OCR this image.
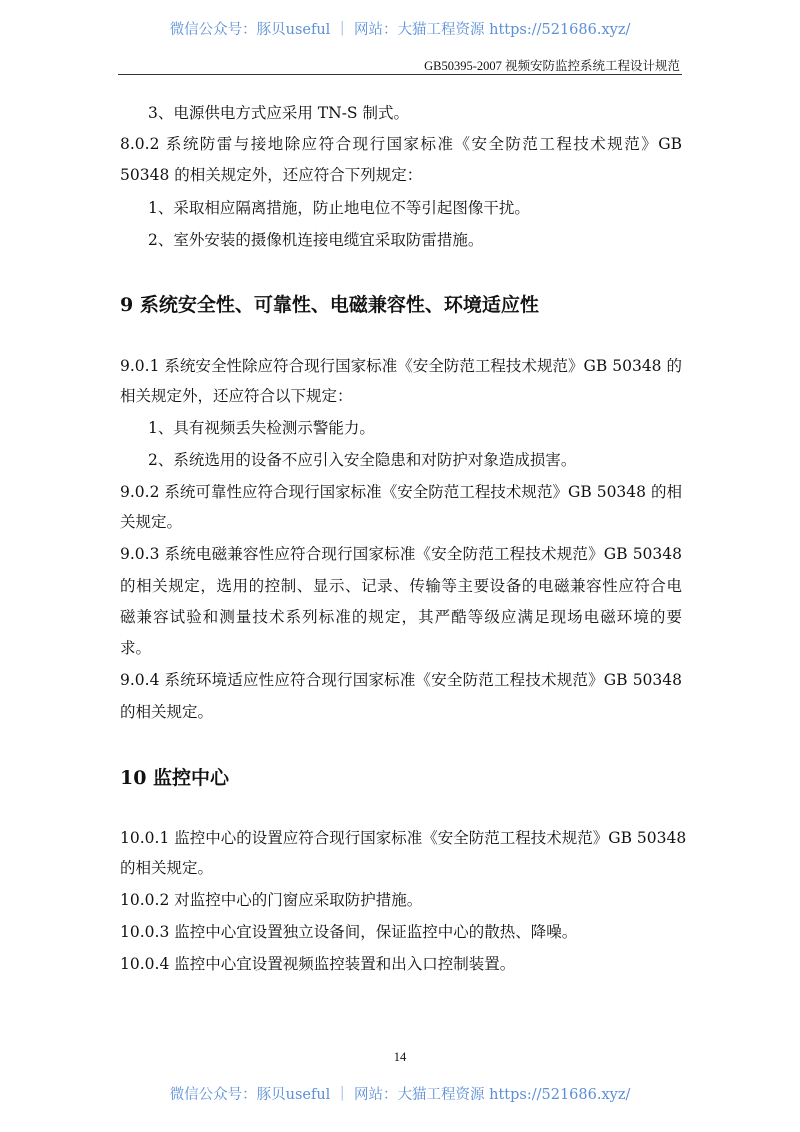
微信公众号：豚贝useful ｜ 网站：大猫工程资源 https://521686.xyz/
GB50395-2007 视频安防监控系统工程设计规范
3、电源供电方式应采用 TN-S 制式。
8.0.2 系统防雷与接地除应符合现行国家标准《安全防范工程技术规范》GB
50348 的相关规定外，还应符合下列规定：
1、采取相应隔离措施，防止地电位不等引起图像干扰。
2、室外安装的摄像机连接电缆宜采取防雷措施。
9 系统安全性、可靠性、电磁兼容性、环境适应性
9.0.1 系统安全性除应符合现行国家标准《安全防范工程技术规范》GB 50348 的
相关规定外，还应符合以下规定：
1、具有视频丢失检测示警能力。
2、系统选用的设备不应引入安全隐患和对防护对象造成损害。
9.0.2 系统可靠性应符合现行国家标准《安全防范工程技术规范》GB 50348 的相
关规定。
9.0.3 系统电磁兼容性应符合现行国家标准《安全防范工程技术规范》GB 50348
的相关规定，选用的控制、显示、记录、传输等主要设备的电磁兼容性应符合电
磁兼容试验和测量技术系列标准的规定，其严酷等级应满足现场电磁环境的要
求。
9.0.4 系统环境适应性应符合现行国家标准《安全防范工程技术规范》GB 50348
的相关规定。
10 监控中心
10.0.1 监控中心的设置应符合现行国家标准《安全防范工程技术规范》GB 50348
的相关规定。
10.0.2 对监控中心的门窗应采取防护措施。
10.0.3 监控中心宜设置独立设备间，保证监控中心的散热、降噪。
10.0.4 监控中心宜设置视频监控装置和出入口控制装置。
14
微信公众号：豚贝useful ｜ 网站：大猫工程资源 https://521686.xyz/
